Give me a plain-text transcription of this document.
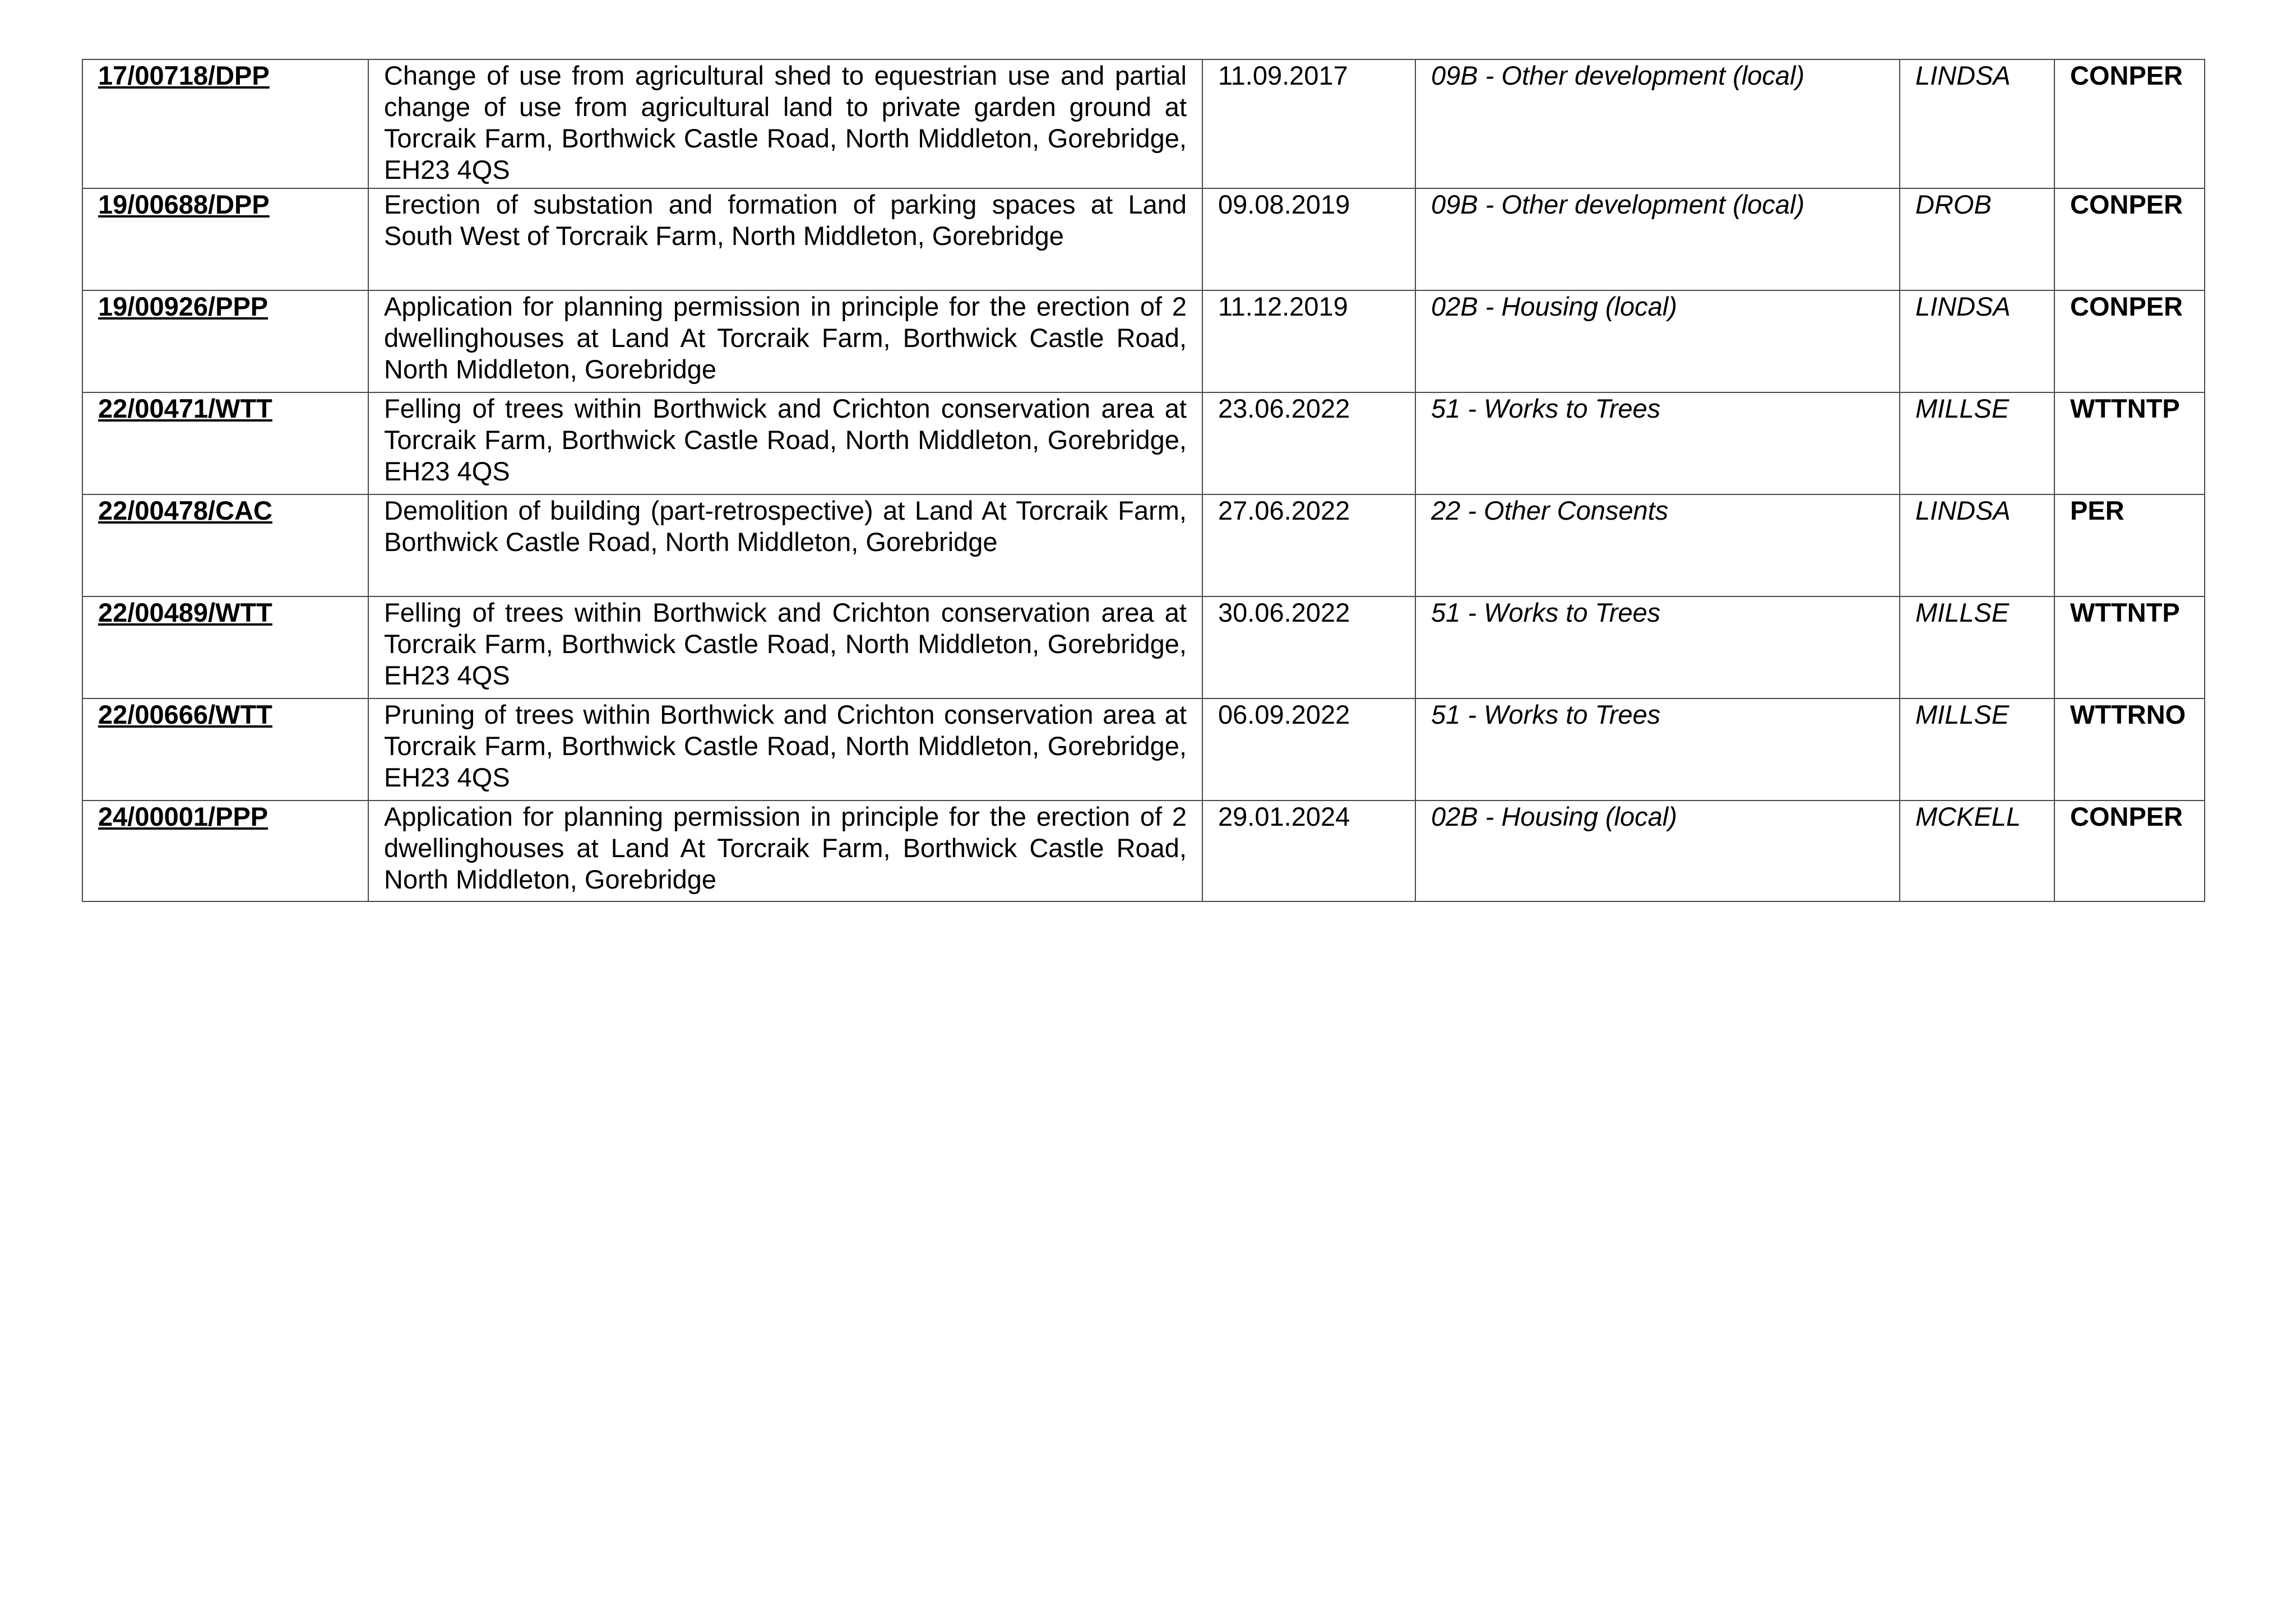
17/00718/DPP	Change of use from agricultural shed to equestrian use and partial change of use from agricultural land to private garden ground at Torcraik Farm, Borthwick Castle Road, North Middleton, Gorebridge, EH23 4QS	11.09.2017	09B - Other development (local)	LINDSA	CONPER
19/00688/DPP	Erection of substation and formation of parking spaces at Land South West of Torcraik Farm, North Middleton, Gorebridge	09.08.2019	09B - Other development (local)	DROB	CONPER
19/00926/PPP	Application for planning permission in principle for the erection of 2 dwellinghouses at Land At Torcraik Farm, Borthwick Castle Road, North Middleton, Gorebridge	11.12.2019	02B - Housing (local)	LINDSA	CONPER
22/00471/WTT	Felling of trees within Borthwick and Crichton conservation area at Torcraik Farm, Borthwick Castle Road, North Middleton, Gorebridge, EH23 4QS	23.06.2022	51 - Works to Trees	MILLSE	WTTNTP
22/00478/CAC	Demolition of building (part-retrospective) at Land At Torcraik Farm, Borthwick Castle Road, North Middleton, Gorebridge	27.06.2022	22 - Other Consents	LINDSA	PER
22/00489/WTT	Felling of trees within Borthwick and Crichton conservation area at Torcraik Farm, Borthwick Castle Road, North Middleton, Gorebridge, EH23 4QS	30.06.2022	51 - Works to Trees	MILLSE	WTTNTP
22/00666/WTT	Pruning of trees within Borthwick and Crichton conservation area at Torcraik Farm, Borthwick Castle Road, North Middleton, Gorebridge, EH23 4QS	06.09.2022	51 - Works to Trees	MILLSE	WTTRNO
24/00001/PPP	Application for planning permission in principle for the erection of 2 dwellinghouses at Land At Torcraik Farm, Borthwick Castle Road, North Middleton, Gorebridge	29.01.2024	02B - Housing (local)	MCKELL	CONPER
